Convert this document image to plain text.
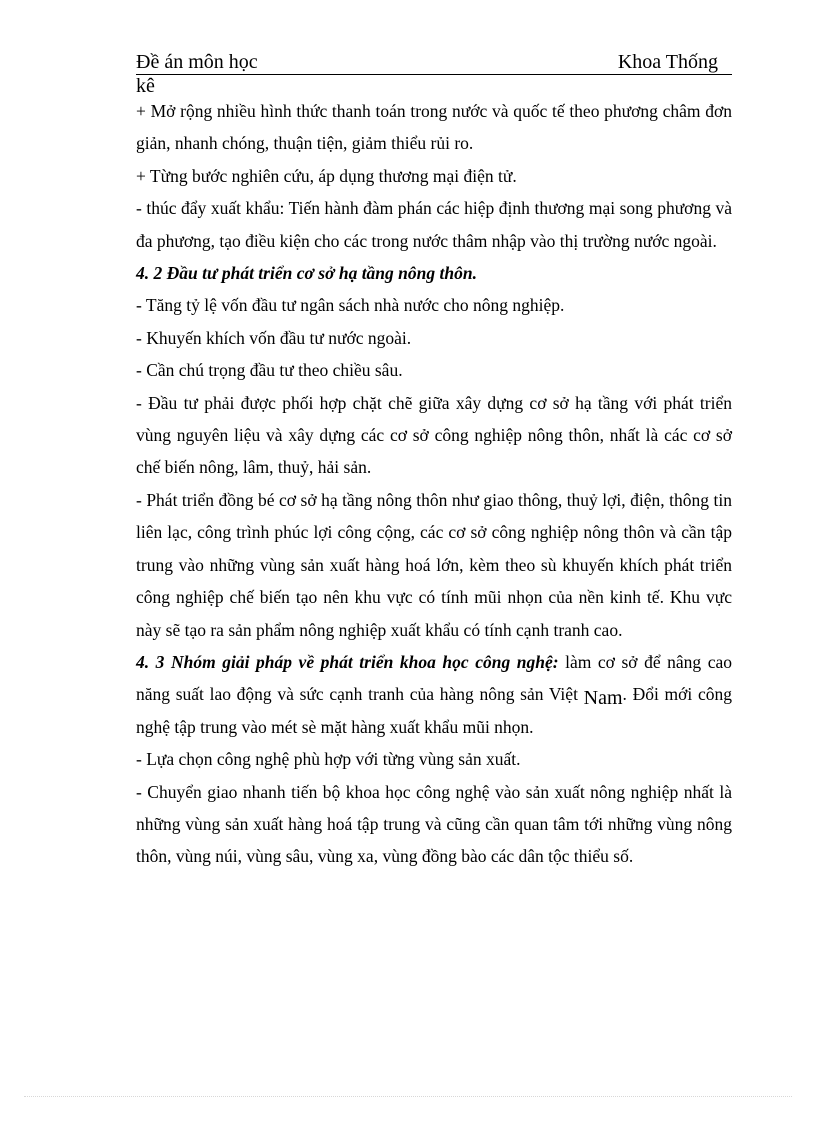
Đề án môn học	Khoa Thống
kê

+ Mở rộng nhiều hình thức thanh toán trong nước và quốc tế theo phương châm đơn giản, nhanh chóng, thuận tiện, giảm thiểu rủi ro.

+ Từng bước nghiên cứu, áp dụng thương mại điện tử.

- thúc đẩy xuất khẩu: Tiến hành đàm phán các hiệp định thương mại song phương và đa phương, tạo điều kiện cho các trong nước thâm nhập vào thị trường nước ngoài.

4. 2 Đầu tư phát triển cơ sở hạ tầng nông thôn.

- Tăng tỷ lệ vốn đầu tư ngân sách nhà nước cho nông nghiệp.

- Khuyến khích vốn đầu tư nước ngoài.

- Cần chú trọng đầu tư theo chiều sâu.

- Đầu tư phải được phối hợp chặt chẽ giữa xây dựng cơ sở hạ tầng với phát triển vùng nguyên liệu và xây dựng các cơ sở công nghiệp nông thôn, nhất là các cơ sở chế biến nông, lâm, thuỷ, hải sản.

- Phát triển đồng bé cơ sở hạ tầng nông thôn như giao thông, thuỷ lợi, điện, thông tin liên lạc, công trình phúc lợi công cộng, các cơ sở công nghiệp nông thôn và cần tập trung vào những vùng sản xuất hàng hoá lớn, kèm theo sù khuyến khích phát triển công nghiệp chế biến tạo nên khu vực có tính mũi nhọn của nền kinh tế. Khu vực này sẽ tạo ra sản phẩm nông nghiệp xuất khẩu có tính cạnh tranh cao.

4. 3 Nhóm giải pháp về phát triển khoa học công nghệ: làm cơ sở để nâng cao năng suất lao động và sức cạnh tranh của hàng nông sản Việt Nam. Đổi mới công nghệ tập trung vào mét sè mặt hàng xuất khẩu mũi nhọn.

- Lựa chọn công nghệ phù hợp với từng vùng sản xuất.

- Chuyển giao nhanh tiến bộ khoa học công nghệ vào sản xuất nông nghiệp nhất là những vùng sản xuất hàng hoá tập trung và cũng cần quan tâm tới những vùng nông thôn, vùng núi, vùng sâu, vùng xa, vùng đồng bào các dân tộc thiểu số.
